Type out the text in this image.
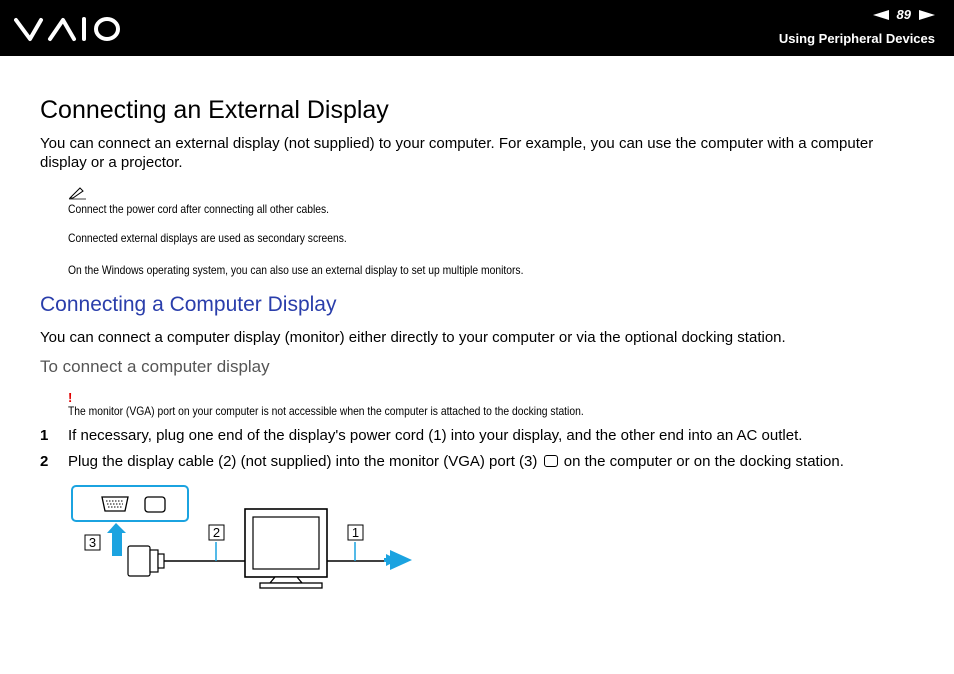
89
Using Peripheral Devices
Connecting an External Display
You can connect an external display (not supplied) to your computer. For example, you can use the computer with a computer
display or a projector.
Connect the power cord after connecting all other cables.
Connected external displays are used as secondary screens.
On the Windows operating system, you can also use an external display to set up multiple monitors.
Connecting a Computer Display
You can connect a computer display (monitor) either directly to your computer or via the optional docking station.
To connect a computer display
!
The monitor (VGA) port on your computer is not accessible when the computer is attached to the docking station.
1 If necessary, plug one end of the display's power cord (1) into your display, and the other end into an AC outlet.
2 Plug the display cable (2) (not supplied) into the monitor (VGA) port (3) on the computer or on the docking station.
3
2	1
